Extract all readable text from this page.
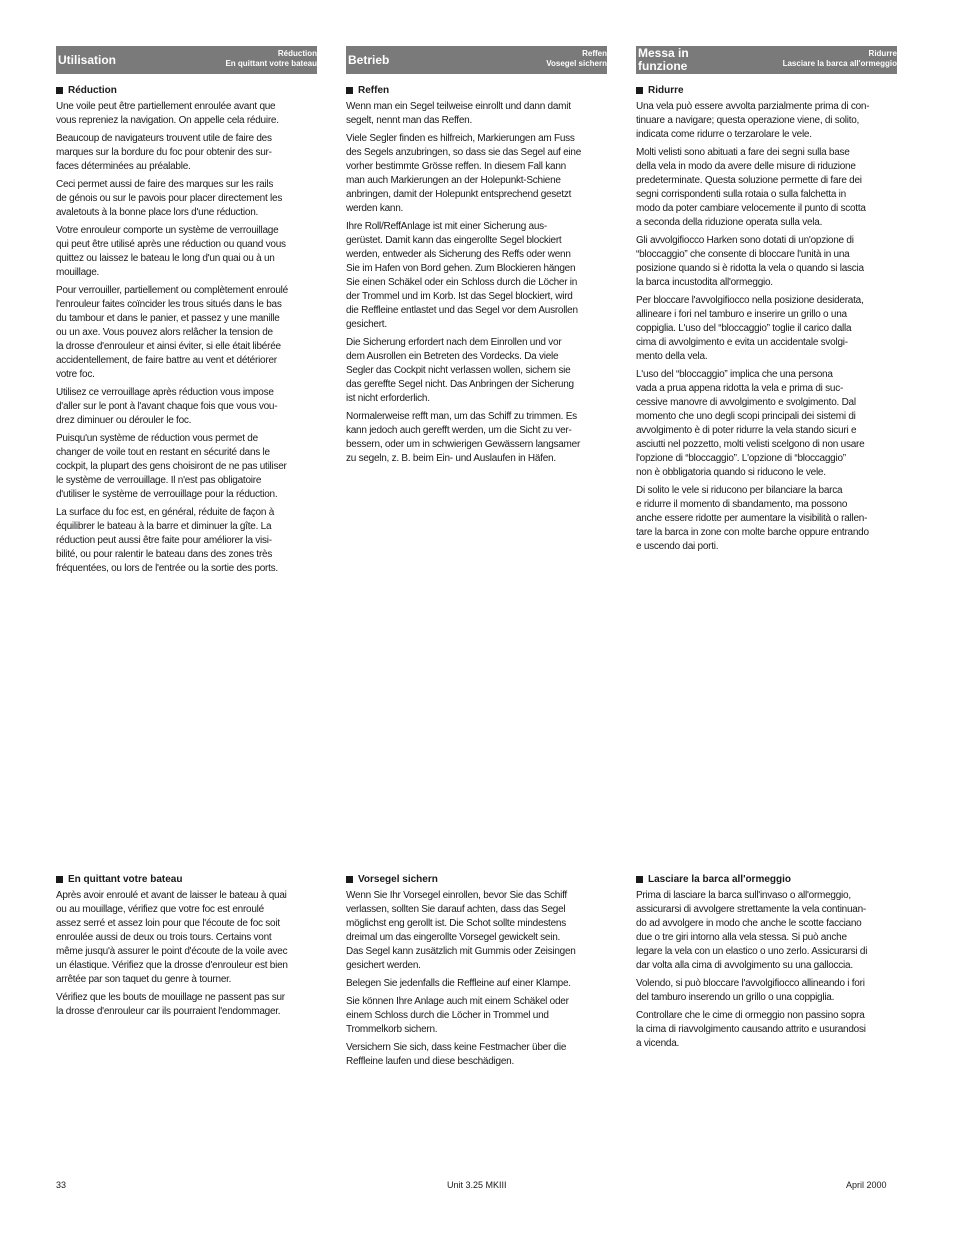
Utilisation	Réduction
En quittant votre bateau	Betrieb	Reffen
Vosegel sichern
Messa in funzione
Ridurre
Lasciare la barca all'ormeggio
Réduction

Une voile peut être partiellement enroulée avant que
vous repreniez la navigation. On appelle cela réduire.

Beaucoup de navigateurs trouvent utile de faire des
marques sur la bordure du foc pour obtenir des sur-
faces déterminées au préalable.

Ceci permet aussi de faire des marques sur les rails
de génois ou sur le pavois pour placer directement les
avaletouts à la bonne place lors d'une réduction.

Votre enrouleur comporte un système de verrouillage
qui peut être utilisé après une réduction ou quand vous
quittez ou laissez le bateau le long d'un quai ou à un
mouillage.

Pour verrouiller, partiellement ou complètement enroulé
l'enrouleur faites coïncider les trous situés dans le bas
du tambour et dans le panier, et passez y une manille
ou un axe. Vous pouvez alors relâcher la tension de
la drosse d'enrouleur et ainsi éviter, si elle était libérée
accidentellement, de faire battre au vent et détériorer
votre foc.

Utilisez ce verrouillage après réduction vous impose
d'aller sur le pont à l'avant chaque fois que vous vou-
drez diminuer ou dérouler le foc.

Puisqu'un système de réduction vous permet de
changer de voile tout en restant en sécurité dans le
cockpit, la plupart des gens choisiront de ne pas utiliser
le système de verrouillage. Il n'est pas obligatoire
d'utiliser le système de verrouillage pour la réduction.

La surface du foc est, en général, réduite de façon à
équilibrer le bateau à la barre et diminuer la gîte. La
réduction peut aussi être faite pour améliorer la visi-
bilité, ou pour ralentir le bateau dans des zones très
fréquentées, ou lors de l'entrée ou la sortie des ports.

Reffen

Wenn man ein Segel teilweise einrollt und dann damit
segelt, nennt man das Reffen.

Viele Segler finden es hilfreich, Markierungen am Fuss
des Segels anzubringen, so dass sie das Segel auf eine
vorher bestimmte Grösse reffen. In diesem Fall kann
man auch Markierungen an der Holepunkt-Schiene
anbringen, damit der Holepunkt entsprechend gesetzt
werden kann.

Ihre Roll/ReffAnlage ist mit einer Sicherung aus-
gerüstet. Damit kann das eingerollte Segel blockiert
werden, entweder als Sicherung des Reffs oder wenn
Sie im Hafen von Bord gehen. Zum Blockieren hängen
Sie einen Schäkel oder ein Schloss durch die Löcher in
der Trommel und im Korb. Ist das Segel blockiert, wird
die Reffleine entlastet und das Segel vor dem Ausrollen
gesichert.

Die Sicherung erfordert nach dem Einrollen und vor
dem Ausrollen ein Betreten des Vordecks. Da viele
Segler das Cockpit nicht verlassen wollen, sichern sie
das gereffte Segel nicht. Das Anbringen der Sicherung
ist nicht erforderlich.

Normalerweise refft man, um das Schiff zu trimmen. Es
kann jedoch auch gerefft werden, um die Sicht zu ver-
bessern, oder um in schwierigen Gewässern langsamer
zu segeln, z. B. beim Ein- und Auslaufen in Häfen.

Ridurre

Una vela può essere avvolta parzialmente prima di con-
tinuare a navigare; questa operazione viene, di solito,
indicata come ridurre o terzarolare le vele.

Molti velisti sono abituati a fare dei segni sulla base
della vela in modo da avere delle misure di riduzione
predeterminate. Questa soluzione permette di fare dei
segni corrispondenti sulla rotaia o sulla falchetta in
modo da poter cambiare velocemente il punto di scotta
a seconda della riduzione operata sulla vela.

Gli avvolgifiocco Harken sono dotati di un'opzione di
“bloccaggio” che consente di bloccare l'unità in una
posizione quando si è ridotta la vela o quando si lascia
la barca incustodita all'ormeggio.

Per bloccare l'avvolgifiocco nella posizione desiderata,
allineare i fori nel tamburo e inserire un grillo o una
coppiglia. L'uso del “bloccaggio” toglie il carico dalla
cima di avvolgimento e evita un accidentale svolgi-
mento della vela.

L'uso del “bloccaggio” implica che una persona
vada a prua appena ridotta la vela e prima di suc-
cessive manovre di avvolgimento e svolgimento. Dal
momento che uno degli scopi principali dei sistemi di
avvolgimento è di poter ridurre la vela stando sicuri e
asciutti nel pozzetto, molti velisti scelgono di non usare
l'opzione di “bloccaggio”. L'opzione di “bloccaggio”
non è obbligatoria quando si riducono le vele.

Di solito le vele si riducono per bilanciare la barca
e ridurre il momento di sbandamento, ma possono
anche essere ridotte per aumentare la visibilità o rallen-
tare la barca in zone con molte barche oppure entrando
e uscendo dai porti.

En quittant votre bateau

Après avoir enroulé et avant de laisser le bateau à quai
ou au mouillage, vérifiez que votre foc est enroulé
assez serré et assez loin pour que l'écoute de foc soit
enroulée aussi de deux ou trois tours. Certains vont
même jusqu'à assurer le point d'écoute de la voile avec
un élastique. Vérifiez que la drosse d'enrouleur est bien
arrêtée par son taquet du genre à tourner.

Vérifiez que les bouts de mouillage ne passent pas sur
la drosse d'enrouleur car ils pourraient l'endommager.

Vorsegel sichern

Wenn Sie Ihr Vorsegel einrollen, bevor Sie das Schiff
verlassen, sollten Sie darauf achten, dass das Segel
möglichst eng gerollt ist. Die Schot sollte mindestens
dreimal um das eingerollte Vorsegel gewickelt sein.
Das Segel kann zusätzlich mit Gummis oder Zeisingen
gesichert werden.

Belegen Sie jedenfalls die Reffleine auf einer Klampe.

Sie können Ihre Anlage auch mit einem Schäkel oder
einem Schloss durch die Löcher in Trommel und
Trommelkorb sichern.

Versichern Sie sich, dass keine Festmacher über die
Reffleine laufen und diese beschädigen.

Lasciare la barca all'ormeggio

Prima di lasciare la barca sull'invaso o all'ormeggio,
assicurarsi di avvolgere strettamente la vela continuan-
do ad avvolgere in modo che anche le scotte facciano
due o tre giri intorno alla vela stessa. Si può anche
legare la vela con un elastico o uno zerlo. Assicurarsi di
dar volta alla cima di avvolgimento su una galloccia.

Volendo, si può bloccare l'avvolgifiocco allineando i fori
del tamburo inserendo un grillo o una coppiglia.

Controllare che le cime di ormeggio non passino sopra
la cima di riavvolgimento causando attrito e usurandosi
a vicenda.

33	Unit 3.25 MKIII	April 2000
